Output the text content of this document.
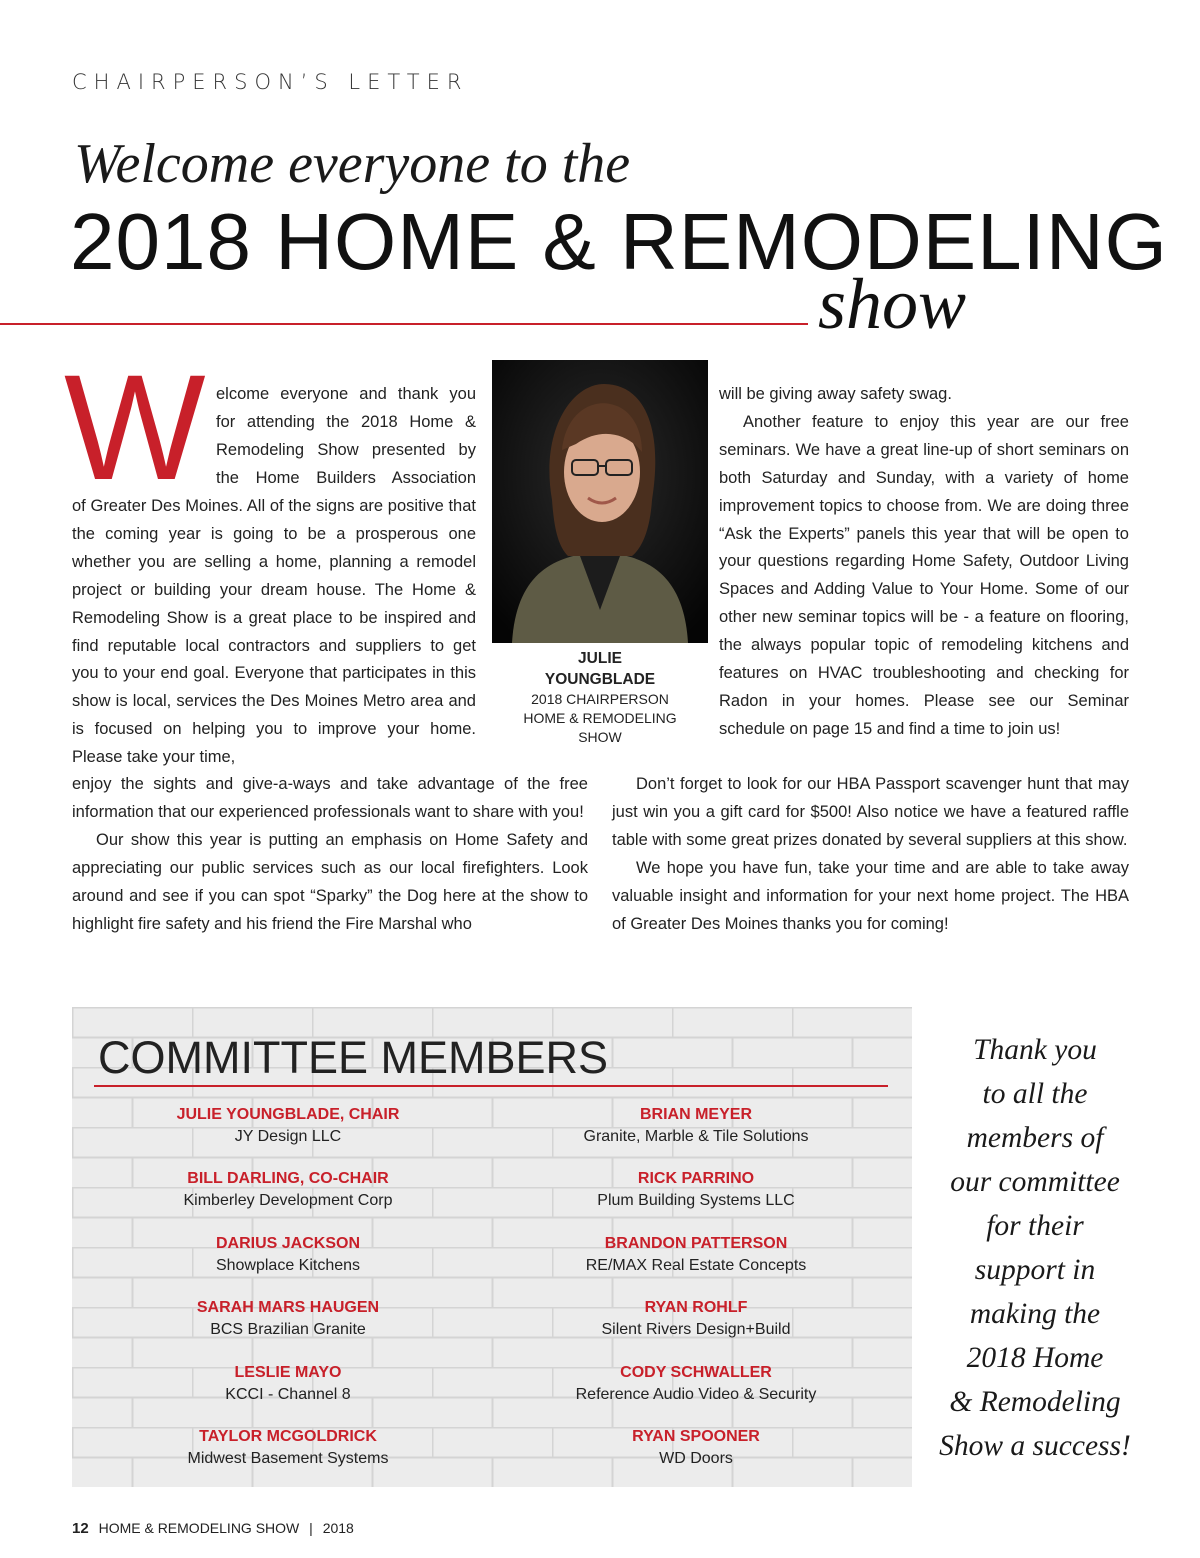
CHAIRPERSON’S LETTER
Welcome everyone to the
2018 HOME & REMODELING
show
W elcome everyone and thank you
for attending the 2018 Home &
Remodeling Show presented by
the Home Builders Association

of Greater Des Moines. All of the signs are positive that the coming year is going to be a prosperous one whether you are selling a home, planning a remodel project or building your dream house. The Home & Remodeling Show is a great place to be inspired and find reputable local contractors and suppliers to get you to your end goal. Everyone that participates in this show is local, services the Des Moines Metro area and is focused on helping you to improve your home. Please take your time,

JULIE
YOUNGBLADE
2018 CHAIRPERSON
HOME & REMODELING
SHOW

will be giving away safety swag.

Another feature to enjoy this year are our free seminars. We have a great line-up of short seminars on both Saturday and Sunday, with a variety of home improvement topics to choose from. We are doing three “Ask the Experts” panels this year that will be open to your questions regarding Home Safety, Outdoor Living Spaces and Adding Value to Your Home. Some of our other new seminar topics will be - a feature on flooring, the always popular topic of remodeling kitchens and features on HVAC troubleshooting and checking for Radon in your homes. Please see our Seminar schedule on page 15 and find a time to join us!

enjoy the sights and give-a-ways and take advantage of the free information that our experienced professionals want to share with you!

Our show this year is putting an emphasis on Home Safety and appreciating our public services such as our local firefighters. Look around and see if you can spot “Sparky” the Dog here at the show to highlight fire safety and his friend the Fire Marshal who

Don’t forget to look for our HBA Passport scavenger hunt that may just win you a gift card for $500! Also notice we have a featured raffle table with some great prizes donated by several suppliers at this show.

We hope you have fun, take your time and are able to take away valuable insight and information for your next home project. The HBA of Greater Des Moines thanks you for coming!

COMMITTEE MEMBERS
JULIE YOUNGBLADE, CHAIR
JY Design LLC
BILL DARLING, CO-CHAIR
Kimberley Development Corp
DARIUS JACKSON
Showplace Kitchens
SARAH MARS HAUGEN
BCS Brazilian Granite
LESLIE MAYO
KCCI - Channel 8
TAYLOR MCGOLDRICK
Midwest Basement Systems
BRIAN MEYER
Granite, Marble & Tile Solutions
RICK PARRINO
Plum Building Systems LLC
BRANDON PATTERSON
RE/MAX Real Estate Concepts
RYAN ROHLF
Silent Rivers Design+Build
CODY SCHWALLER
Reference Audio Video & Security
RYAN SPOONER
WD Doors
Thank you
to all the
members of
our committee
for their
support in
making the
2018 Home
& Remodeling
Show a success!
12 HOME & REMODELING SHOW | 2018
